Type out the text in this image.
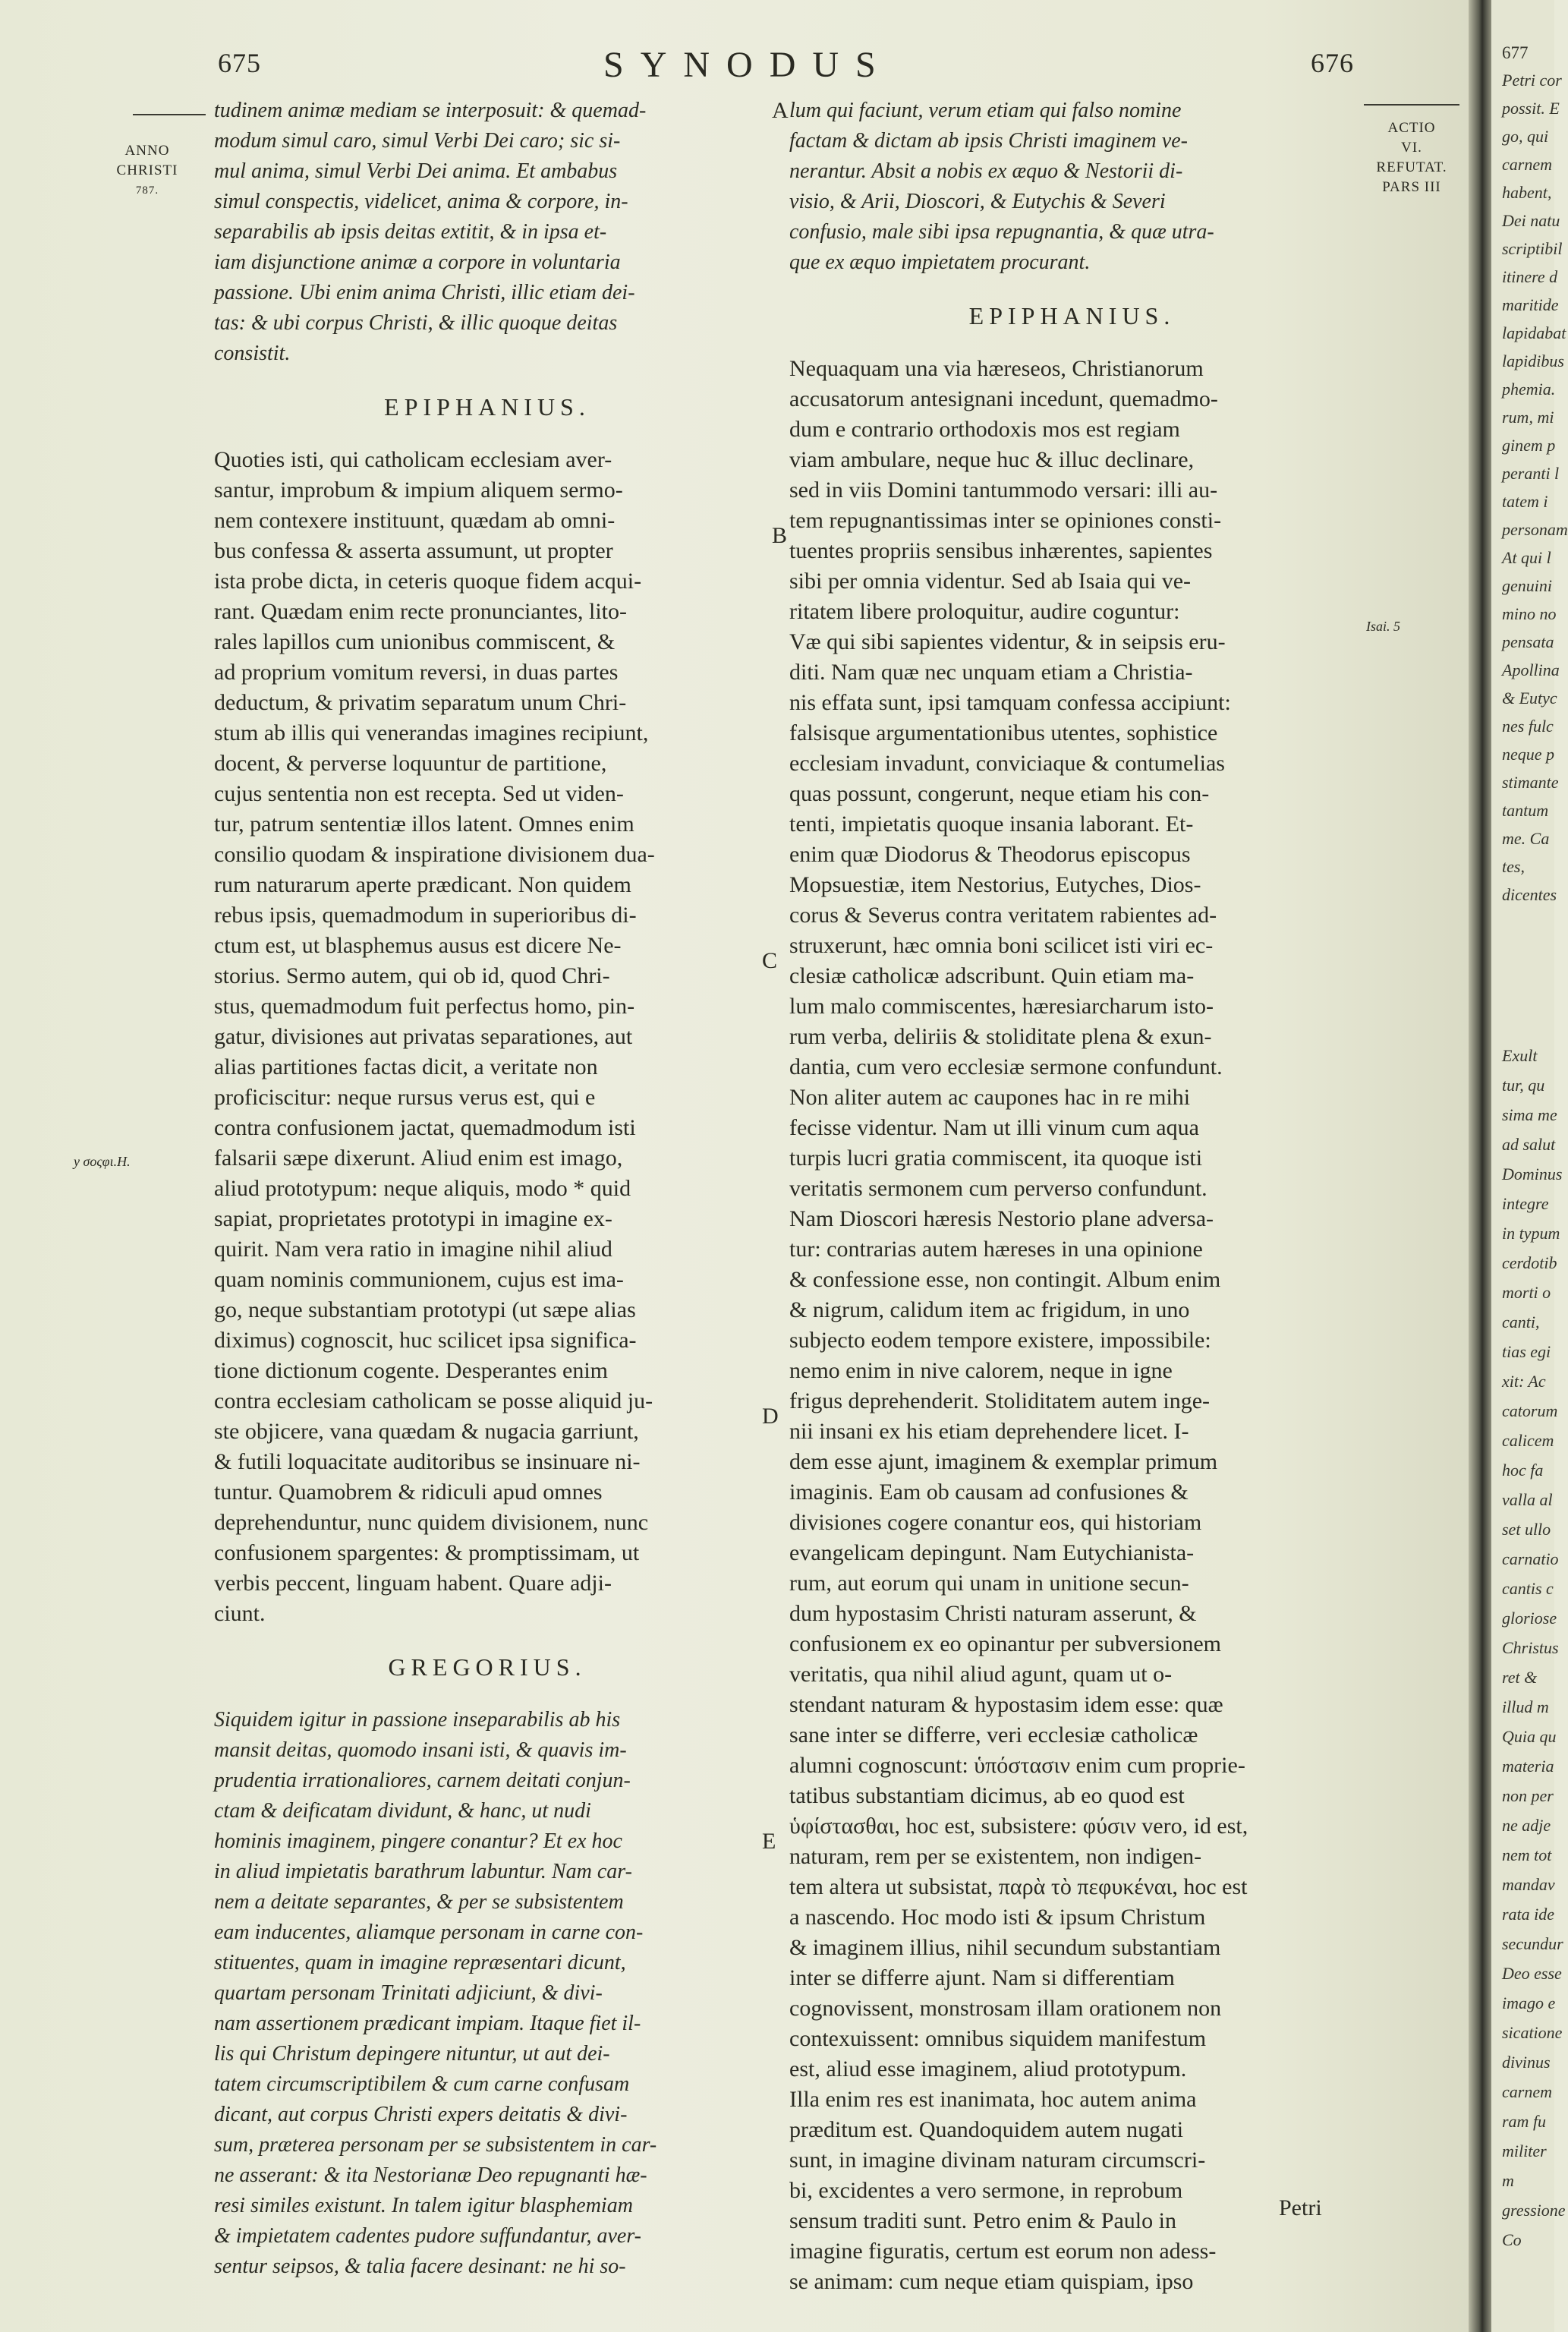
675	SYNODUS	676
ANNO
CHRISTI
787.
ACTIO
VI.
REFUTAT.
PARS III
y σοςφι.H.
Isai. 5
A
B
C
D
E
tudinem animæ mediam se interposuit: & quemad-
modum simul caro, simul Verbi Dei caro; sic si-
mul anima, simul Verbi Dei anima. Et ambabus
simul conspectis, videlicet, anima & corpore, in-
separabilis ab ipsis deitas extitit, & in ipsa et-
iam disjunctione animæ a corpore in voluntaria
passione. Ubi enim anima Christi, illic etiam dei-
tas: & ubi corpus Christi, & illic quoque deitas
consistit.
EPIPHANIUS.
Quoties isti, qui catholicam ecclesiam aver-
santur, improbum & impium aliquem sermo-
nem contexere instituunt, quædam ab omni-
bus confessa & asserta assumunt, ut propter
ista probe dicta, in ceteris quoque fidem acqui-
rant. Quædam enim recte pronunciantes, lito-
rales lapillos cum unionibus commiscent, &
ad proprium vomitum reversi, in duas partes
deductum, & privatim separatum unum Chri-
stum ab illis qui venerandas imagines recipiunt,
docent, & perverse loquuntur de partitione,
cujus sententia non est recepta. Sed ut viden-
tur, patrum sententiæ illos latent. Omnes enim
consilio quodam & inspiratione divisionem dua-
rum naturarum aperte prædicant. Non quidem
rebus ipsis, quemadmodum in superioribus di-
ctum est, ut blasphemus ausus est dicere Ne-
storius. Sermo autem, qui ob id, quod Chri-
stus, quemadmodum fuit perfectus homo, pin-
gatur, divisiones aut privatas separationes, aut
alias partitiones factas dicit, a veritate non
proficiscitur: neque rursus verus est, qui e
contra confusionem jactat, quemadmodum isti
falsarii sæpe dixerunt. Aliud enim est imago,
aliud prototypum: neque aliquis, modo * quid
sapiat, proprietates prototypi in imagine ex-
quirit. Nam vera ratio in imagine nihil aliud
quam nominis communionem, cujus est ima-
go, neque substantiam prototypi (ut sæpe alias
diximus) cognoscit, huc scilicet ipsa significa-
tione dictionum cogente. Desperantes enim
contra ecclesiam catholicam se posse aliquid ju-
ste objicere, vana quædam & nugacia garriunt,
& futili loquacitate auditoribus se insinuare ni-
tuntur. Quamobrem & ridiculi apud omnes
deprehenduntur, nunc quidem divisionem, nunc
confusionem spargentes: & promptissimam, ut
verbis peccent, linguam habent. Quare adji-
ciunt.
GREGORIUS.
Siquidem igitur in passione inseparabilis ab his
mansit deitas, quomodo insani isti, & quavis im-
prudentia irrationaliores, carnem deitati conjun-
ctam & deificatam dividunt, & hanc, ut nudi
hominis imaginem, pingere conantur? Et ex hoc
in aliud impietatis barathrum labuntur. Nam car-
nem a deitate separantes, & per se subsistentem
eam inducentes, aliamque personam in carne con-
stituentes, quam in imagine repræsentari dicunt,
quartam personam Trinitati adjiciunt, & divi-
nam assertionem prædicant impiam. Itaque fiet il-
lis qui Christum depingere nituntur, ut aut dei-
tatem circumscriptibilem & cum carne confusam
dicant, aut corpus Christi expers deitatis & divi-
sum, præterea personam per se subsistentem in car-
ne asserant: & ita Nestorianæ Deo repugnanti hæ-
resi similes existunt. In talem igitur blasphemiam
& impietatem cadentes pudore suffundantur, aver-
sentur seipsos, & talia facere desinant: ne hi so-
lum qui faciunt, verum etiam qui falso nomine
factam & dictam ab ipsis Christi imaginem ve-
nerantur. Absit a nobis ex æquo & Nestorii di-
visio, & Arii, Dioscori, & Eutychis & Severi
confusio, male sibi ipsa repugnantia, & quæ utra-
que ex æquo impietatem procurant.
EPIPHANIUS.
Nequaquam una via hæreseos, Christianorum
accusatorum antesignani incedunt, quemadmo-
dum e contrario orthodoxis mos est regiam
viam ambulare, neque huc & illuc declinare,
sed in viis Domini tantummodo versari: illi au-
tem repugnantissimas inter se opiniones consti-
tuentes propriis sensibus inhærentes, sapientes
sibi per omnia videntur. Sed ab Isaia qui ve-
ritatem libere proloquitur, audire coguntur:
Væ qui sibi sapientes videntur, & in seipsis eru-
diti. Nam quæ nec unquam etiam a Christia-
nis effata sunt, ipsi tamquam confessa accipiunt:
falsisque argumentationibus utentes, sophistice
ecclesiam invadunt, conviciaque & contumelias
quas possunt, congerunt, neque etiam his con-
tenti, impietatis quoque insania laborant. Et-
enim quæ Diodorus & Theodorus episcopus
Mopsuestiæ, item Nestorius, Eutyches, Dios-
corus & Severus contra veritatem rabientes ad-
struxerunt, hæc omnia boni scilicet isti viri ec-
clesiæ catholicæ adscribunt. Quin etiam ma-
lum malo commiscentes, hæresiarcharum isto-
rum verba, deliriis & stoliditate plena & exun-
dantia, cum vero ecclesiæ sermone confundunt.
Non aliter autem ac caupones hac in re mihi
fecisse videntur. Nam ut illi vinum cum aqua
turpis lucri gratia commiscent, ita quoque isti
veritatis sermonem cum perverso confundunt.
Nam Dioscori hæresis Nestorio plane adversa-
tur: contrarias autem hæreses in una opinione
& confessione esse, non contingit. Album enim
& nigrum, calidum item ac frigidum, in uno
subjecto eodem tempore existere, impossibile:
nemo enim in nive calorem, neque in igne
frigus deprehenderit. Stoliditatem autem inge-
nii insani ex his etiam deprehendere licet. I-
dem esse ajunt, imaginem & exemplar primum
imaginis. Eam ob causam ad confusiones &
divisiones cogere conantur eos, qui historiam
evangelicam depingunt. Nam Eutychianista-
rum, aut eorum qui unam in unitione secun-
dum hypostasim Christi naturam asserunt, &
confusionem ex eo opinantur per subversionem
veritatis, qua nihil aliud agunt, quam ut o-
stendant naturam & hypostasim idem esse: quæ
sane inter se differre, veri ecclesiæ catholicæ
alumni cognoscunt: ὑπόστασιν enim cum proprie-
tatibus substantiam dicimus, ab eo quod est
ὑφίστασθαι, hoc est, subsistere: φύσιν vero, id est,
naturam, rem per se existentem, non indigen-
tem altera ut subsistat, παρὰ τὸ πεφυκέναι, hoc est
a nascendo. Hoc modo isti & ipsum Christum
& imaginem illius, nihil secundum substantiam
inter se differre ajunt. Nam si differentiam
cognovissent, monstrosam illam orationem non
contexuissent: omnibus siquidem manifestum
est, aliud esse imaginem, aliud prototypum.
Illa enim res est inanimata, hoc autem anima
præditum est. Quandoquidem autem nugati
sunt, in imagine divinam naturam circumscri-
bi, excidentes a vero sermone, in reprobum
sensum traditi sunt. Petro enim & Paulo in
imagine figuratis, certum est eorum non adess-
se animam: cum neque etiam quispiam, ipso
Petri
677
Petri cor
possit. E
go, qui
carnem
habent,
Dei natu
scriptibil
itinere d
maritide
lapidabat
lapidibus
phemia.
rum, mi
ginem p
peranti l
tatem i
personam
At qui l
genuini
mino no
pensata
Apollina
& Eutyc
nes fulc
neque p
stimante
tantum
me. Ca
tes,
dicentes
Exult
tur, qu
sima me
ad salut
Dominus
integre
in typum
cerdotib
morti o
canti,
tias egi
xit: Ac
catorum
calicem
hoc fa
valla al
set ullo
carnatio
cantis c
gloriose
Christus
ret &
illud m
Quia qu
materia
non per
ne adje
nem tot
mandav
rata ide
secundur
Deo esse
imago e
sicatione
divinus
carnem
ram fu
militer
m
gressione
Co
